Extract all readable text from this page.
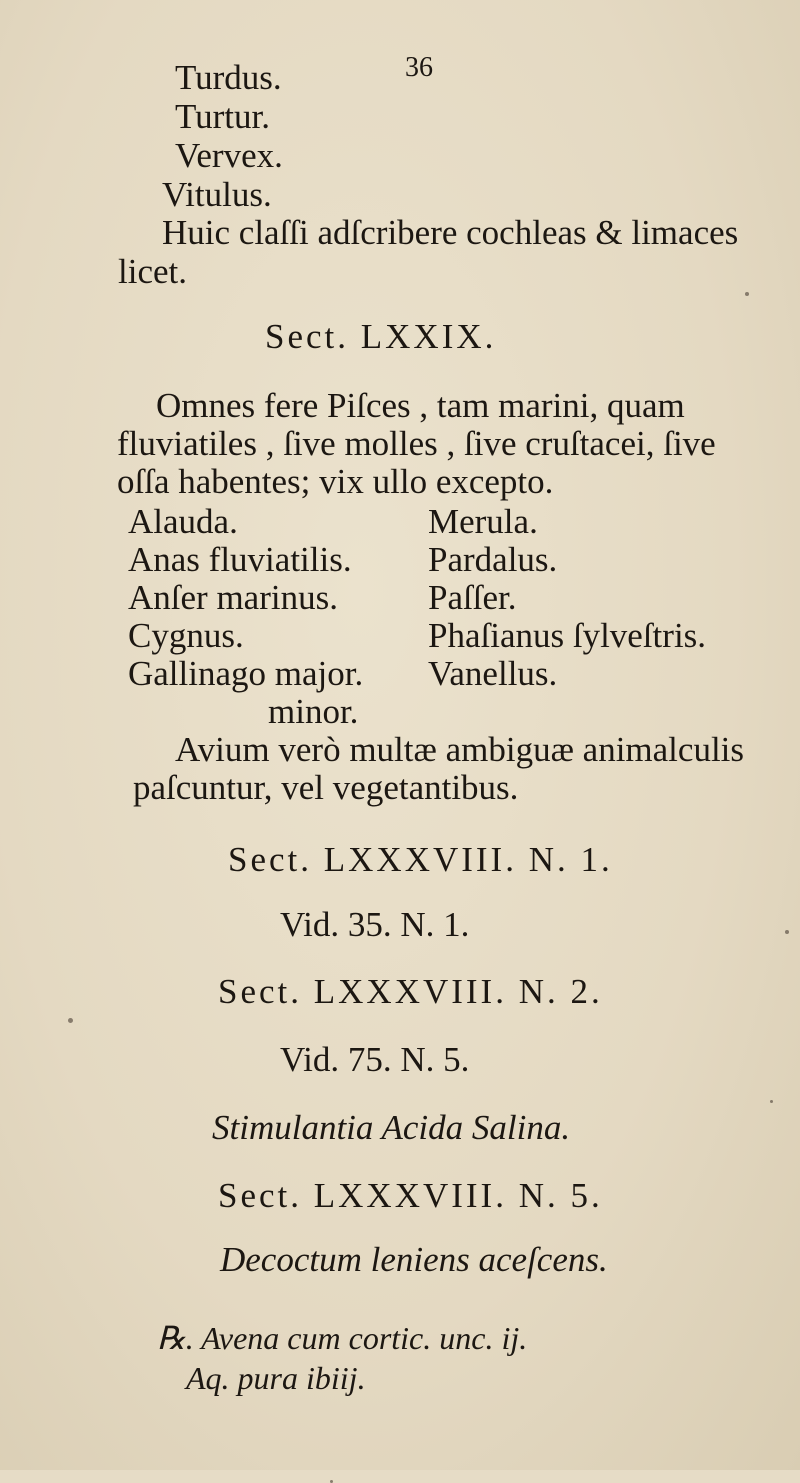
36
Turdus.
Turtur.
Vervex.
Vitulus.
Huic claſſi adſcribere cochleas & limaces
licet.
Sect. LXXIX.
Omnes fere Piſces , tam marini, quam
fluviatiles , ſive molles , ſive cruſtacei, ſive
oſſa habentes; vix ullo excepto.
Alauda.
Anas fluviatilis.
Anſer marinus.
Cygnus.
Gallinago major.
minor.
Merula.
Pardalus.
Paſſer.
Phaſianus ſylveſtris.
Vanellus.
Avium verò multæ ambiguæ animalculis
paſcuntur, vel vegetantibus.
Sect. LXXXVIII. N. 1.
Vid. 35. N. 1.
Sect. LXXXVIII. N. 2.
Vid. 75. N. 5.
Stimulantia Acida Salina.
Sect. LXXXVIII. N. 5.
Decoctum leniens aceſcens.
℞. Avena cum cortic. unc. ij.
Aq. pura ibiij.
